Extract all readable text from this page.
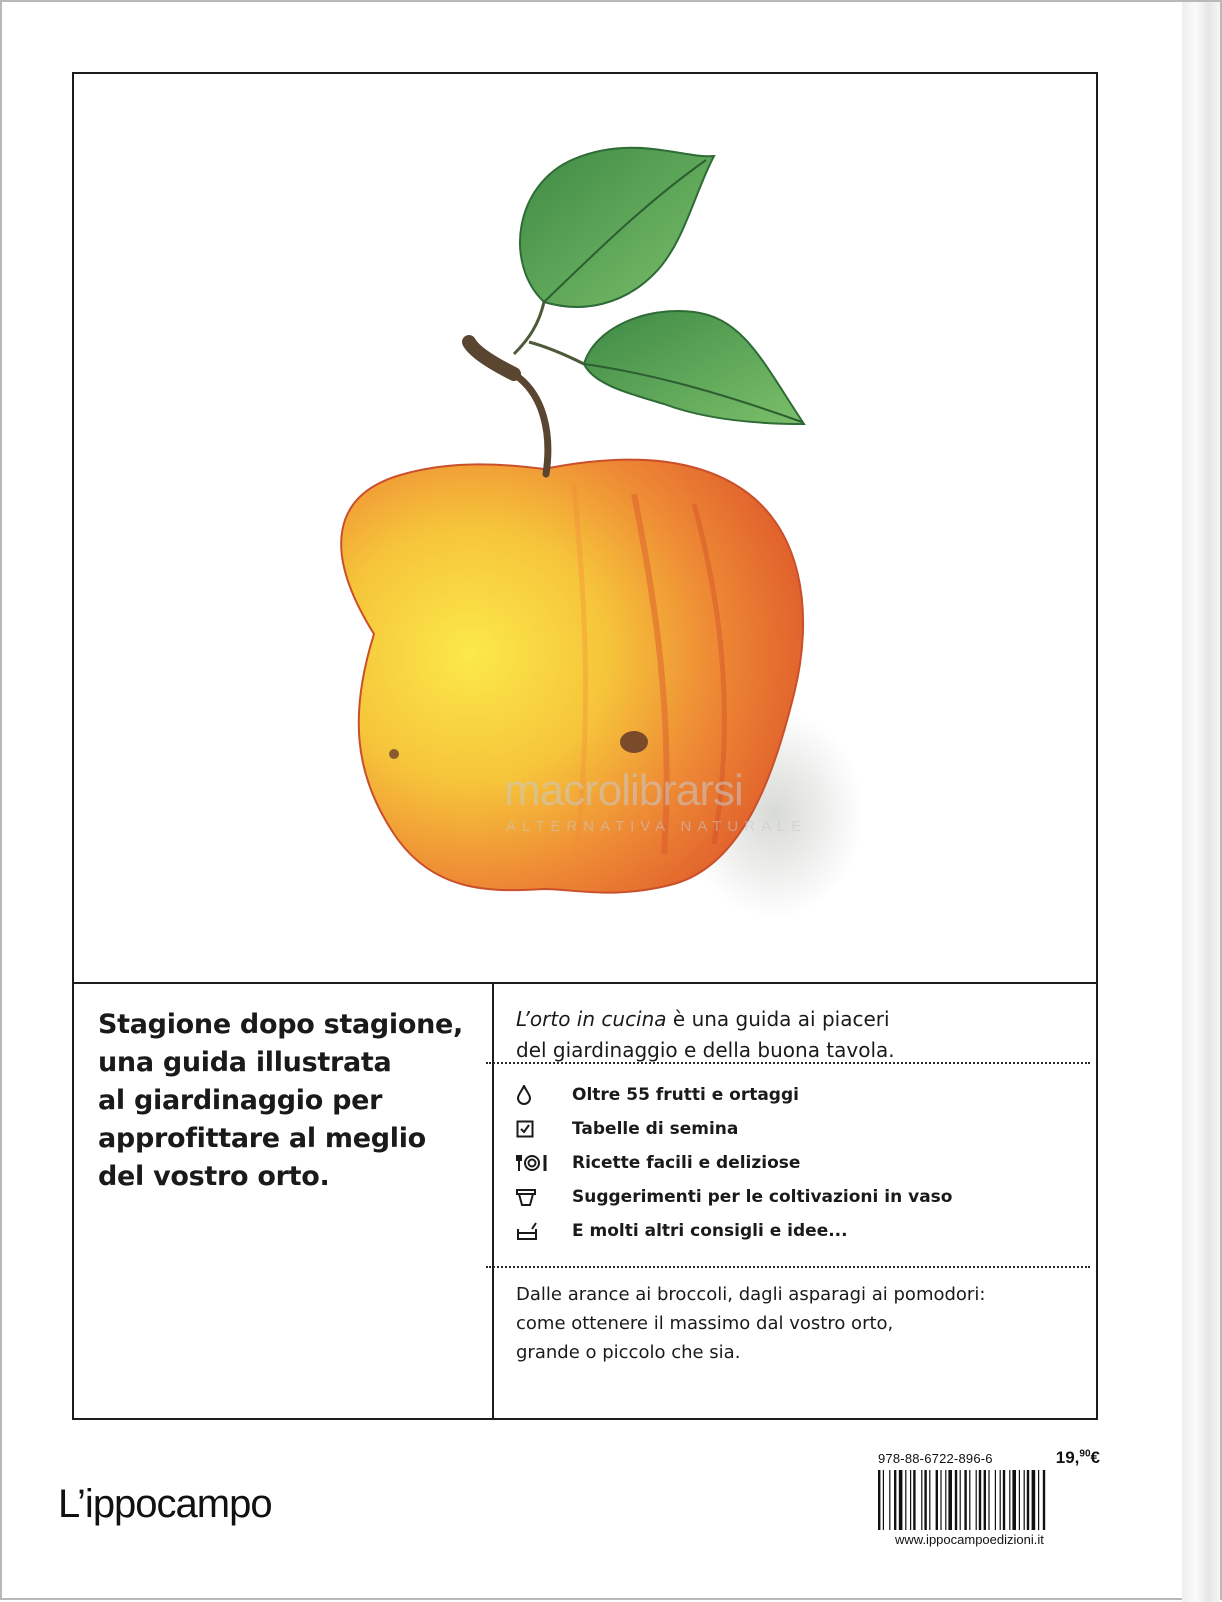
macrolibrarsi
ALTERNATIVA NATURALE

Stagione dopo stagione,
una guida illustrata
al giardinaggio per
approfittare al meglio
del vostro orto.

L’orto in cucina è una guida ai piaceri
del giardinaggio e della buona tavola.

Oltre 55 frutti e ortaggi
Tabelle di semina
Ricette facili e deliziose
Suggerimenti per le coltivazioni in vaso
E molti altri consigli e idee...

Dalle arance ai broccoli, dagli asparagi ai pomodori:
come ottenere il massimo dal vostro orto,
grande o piccolo che sia.

L’ippocampo
978-88-6722-896-6	19,90€
www.ippocampoedizioni.it
